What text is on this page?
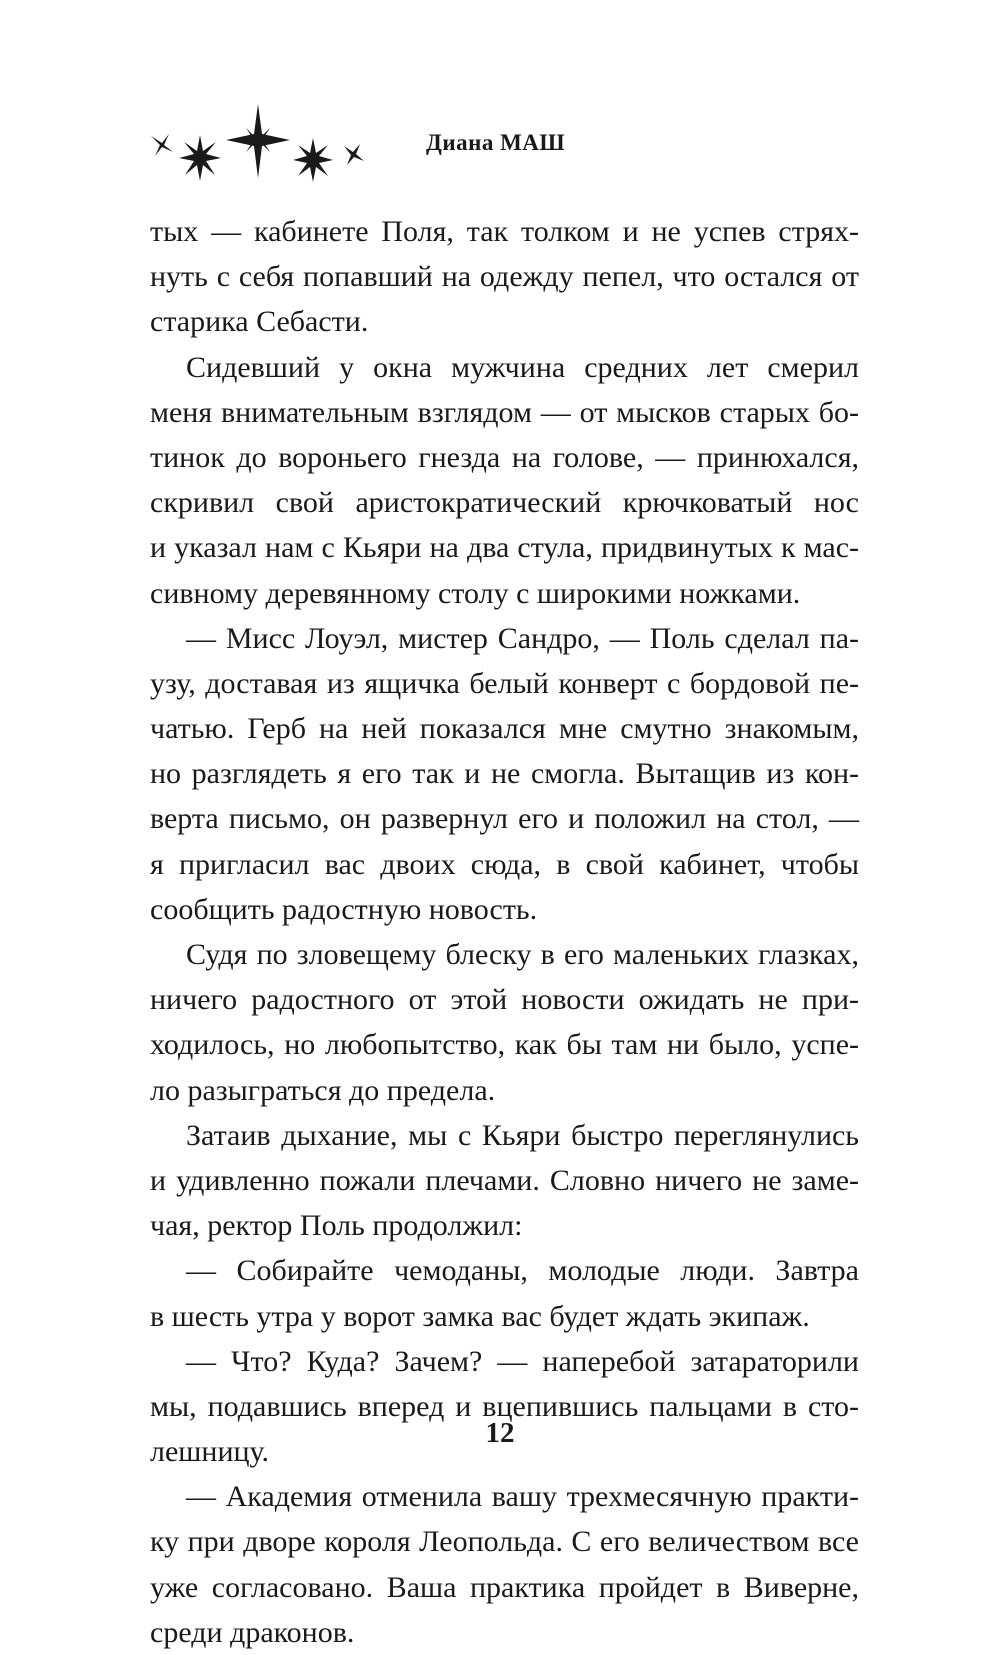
Диана МАШ
тых — кабинете Поля, так толком и не успев стрях-
нуть с себя попавший на одежду пепел, что остался от
старика Себасти.
Сидевший у окна мужчина средних лет смерил
меня внимательным взглядом — от мысков старых бо-
тинок до вороньего гнезда на голове, — принюхался,
скривил свой аристократический крючковатый нос
и указал нам с Кьяри на два стула, придвинутых к мас-
сивному деревянному столу с широкими ножками.
— Мисс Лоуэл, мистер Сандро, — Поль сделал па-
узу, доставая из ящичка белый конверт с бордовой пе-
чатью. Герб на ней показался мне смутно знакомым,
но разглядеть я его так и не смогла. Вытащив из кон-
верта письмо, он развернул его и положил на стол, —
я пригласил вас двоих сюда, в свой кабинет, чтобы
сообщить радостную новость.
Судя по зловещему блеску в его маленьких глазках,
ничего радостного от этой новости ожидать не при-
ходилось, но любопытство, как бы там ни было, успе-
ло разыграться до предела.
Затаив дыхание, мы с Кьяри быстро переглянулись
и удивленно пожали плечами. Словно ничего не заме-
чая, ректор Поль продолжил:
— Собирайте чемоданы, молодые люди. Завтра
в шесть утра у ворот замка вас будет ждать экипаж.
— Что? Куда? Зачем? — наперебой затараторили
мы, подавшись вперед и вцепившись пальцами в сто-
лешницу.
— Академия отменила вашу трехмесячную практи-
ку при дворе короля Леопольда. С его величеством все
уже согласовано. Ваша практика пройдет в Виверне,
среди драконов.
12
